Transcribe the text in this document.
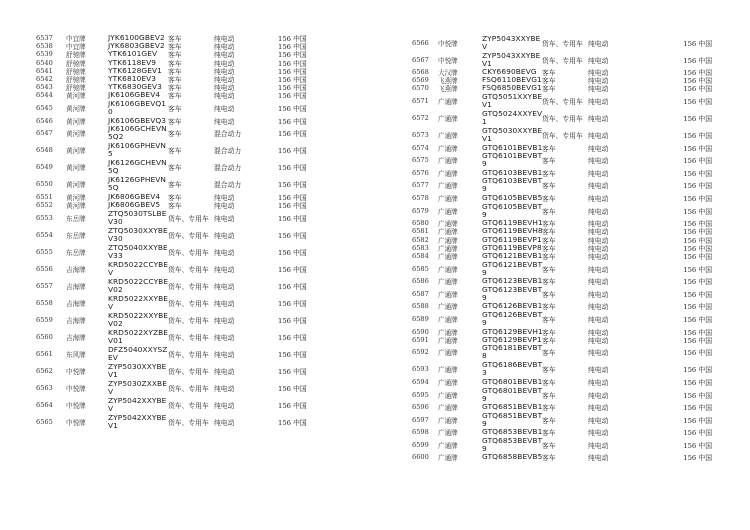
6537	中宜牌	JYK6100GBEV2 客车	纯电动	156 中国
6538	中宜牌	JYK6803GBEV2 客车	纯电动	156 中国
6539	舒驰牌	YTK6101GEV	客车	纯电动	156 中国
6540	舒驰牌	YTK6118EV9	客车	纯电动	156 中国
6541	舒驰牌	YTK6128GEV1 客车	纯电动	156 中国
6542	舒驰牌	YTK6810EV3	客车	纯电动	156 中国
6543	舒驰牌	YTK6830GEV3 客车	纯电动	156 中国
6544	黄河牌	JK6106GBEV4	客车	纯电动	156 中国
6545	黄河牌
JK6106GBEVQ1
0	客车	纯电动	156 中国
6546	黄河牌	JK6106GBEVQ3 客车	纯电动	156 中国
6547	黄河牌
JK6106GCHEVN
5Q2	客车	混合动力	156 中国
6548	黄河牌
JK6106GPHEVN
5	客车	混合动力	156 中国
6549	黄河牌
JK6126GCHEVN
5Q	客车	混合动力	156 中国
6550	黄河牌
JK6126GPHEVN
5Q	客车	混合动力	156 中国
6551	黄河牌	JK6806GBEV4	客车	纯电动	156 中国
6552	黄河牌	JK6806GBEV5	客车	纯电动	156 中国
6553	东岳牌
ZTQ5030TSLBE
V30	货车、专用车 纯电动	156 中国
6554	东岳牌
ZTQ5030XXYBE
V30	货车、专用车 纯电动	156 中国
6555	东岳牌
ZTQ5040XXYBE
V33	货车、专用车 纯电动	156 中国
6556	吉海牌
KRD5022CCYBE
V	货车、专用车 纯电动	156 中国
6557	吉海牌
KRD5022CCYBE
V02	货车、专用车 纯电动	156 中国
6558	吉海牌
KRD5022XXYBE
V	货车、专用车 纯电动	156 中国
6559	吉海牌
KRD5022XXYBE
V02	货车、专用车 纯电动	156 中国
6560	吉海牌
KRD5022XYZBE
V01	货车、专用车 纯电动	156 中国
6561	东风牌
DFZ5040XXYSZ
EV	货车、专用车 纯电动	156 中国
6562	中悦牌
ZYP5030XXYBE
V1	货车、专用车 纯电动	156 中国
6563	中悦牌
ZYP5030ZXXBE
V	货车、专用车 纯电动	156 中国
6564	中悦牌
ZYP5042XXYBE
V	货车、专用车 纯电动	156 中国
6565	中悦牌
ZYP5042XXYBE
V1	货车、专用车 纯电动	156 中国
6566	中悦牌
ZYP5043XXYBE
V	货车、专用车 纯电动	156 中国
6567	中悦牌
ZYP5043XXYBE
V1	货车、专用车 纯电动	156 中国
6568	大汉牌	CKY6690BEVG 客车	纯电动	156 中国
6569	飞燕牌	FSQ6110BEVG1 客车	纯电动	156 中国
6570	飞燕牌	FSQ6850BEVG1 客车	纯电动	156 中国
6571	广通牌
GTQ5051XXYBE
V1	货车、专用车 纯电动	156 中国
6572	广通牌
GTQ5024XXYEV
1	货车、专用车 纯电动	156 中国
6573	广通牌
GTQ5030XXYBE
V1	货车、专用车 纯电动	156 中国
6574	广通牌	GTQ6101BEVB1 客车	纯电动	156 中国
6575	广通牌
GTQ6101BEVBT
9	客车	纯电动	156 中国
6576	广通牌	GTQ6103BEVB1 客车	纯电动	156 中国
6577	广通牌
GTQ6103BEVBT
9	客车	纯电动	156 中国
6578	广通牌	GTQ6105BEVB5 客车	纯电动	156 中国
6579	广通牌
GTQ6105BEVBT
9	客车	纯电动	156 中国
6580	广通牌	GTQ6119BEVH1 客车	纯电动	156 中国
6581	广通牌	GTQ6119BEVH8 客车	纯电动	156 中国
6582	广通牌	GTQ6119BEVP1 客车	纯电动	156 中国
6583	广通牌	GTQ6119BEVP8 客车	纯电动	156 中国
6584	广通牌	GTQ6121BEVB1 客车	纯电动	156 中国
6585	广通牌
GTQ6121BEVBT
9	客车	纯电动	156 中国
6586	广通牌	GTQ6123BEVB1 客车	纯电动	156 中国
6587	广通牌
GTQ6123BEVBT
9	客车	纯电动	156 中国
6588	广通牌	GTQ6126BEVB1 客车	纯电动	156 中国
6589	广通牌
GTQ6126BEVBT
9	客车	纯电动	156 中国
6590	广通牌	GTQ6129BEVH1 客车	纯电动	156 中国
6591	广通牌	GTQ6129BEVP1 客车	纯电动	156 中国
6592	广通牌
GTQ6181BEVBT
8	客车	纯电动	156 中国
6593	广通牌
GTQ6186BEVBT
3	客车	纯电动	156 中国
6594	广通牌	GTQ6801BEVB1 客车	纯电动	156 中国
6595	广通牌
GTQ6801BEVBT
9	客车	纯电动	156 中国
6596	广通牌	GTQ6851BEVB1 客车	纯电动	156 中国
6597	广通牌
GTQ6851BEVBT
9	客车	纯电动	156 中国
6598	广通牌	GTQ6853BEVB1 客车	纯电动	156 中国
6599	广通牌
GTQ6853BEVBT
9	客车	纯电动	156 中国
6600	广通牌	GTQ6858BEVB5 客车	纯电动	156 中国
